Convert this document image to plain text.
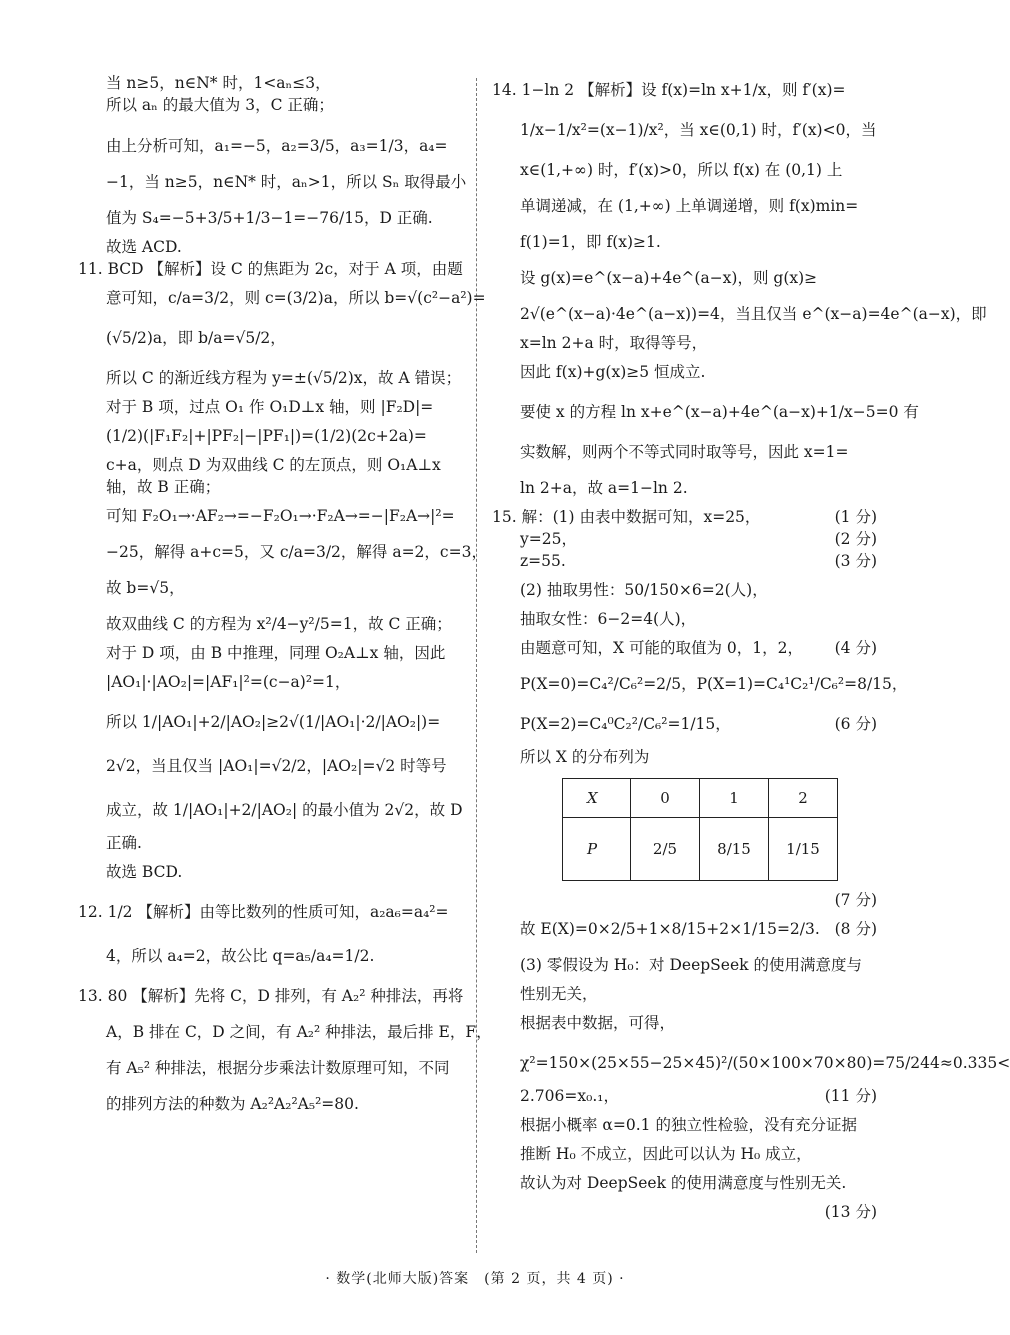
当 n≥5，n∈N* 时，1<aₙ≤3，
所以 aₙ 的最大值为 3，C 正确；
由上分析可知，a₁=−5，a₂=3/5，a₃=1/3，a₄=
−1，当 n≥5，n∈N* 时，aₙ>1，所以 Sₙ 取得最小
值为 S₄=−5+3/5+1/3−1=−76/15，D 正确.
故选 ACD.
11. BCD 【解析】设 C 的焦距为 2c，对于 A 项，由题
意可知，c/a=3/2，则 c=(3/2)a，所以 b=√(c²−a²)=
(√5/2)a，即 b/a=√5/2，
所以 C 的渐近线方程为 y=±(√5/2)x，故 A 错误；
对于 B 项，过点 O₁ 作 O₁D⊥x 轴，则 |F₂D|=
(1/2)(|F₁F₂|+|PF₂|−|PF₁|)=(1/2)(2c+2a)=
c+a，则点 D 为双曲线 C 的左顶点，则 O₁A⊥x
轴，故 B 正确；
可知 F₂O₁→·AF₂→=−F₂O₁→·F₂A→=−|F₂A→|²=
−25，解得 a+c=5，又 c/a=3/2，解得 a=2，c=3，
故 b=√5，
故双曲线 C 的方程为 x²/4−y²/5=1，故 C 正确；
对于 D 项，由 B 中推理，同理 O₂A⊥x 轴，因此
|AO₁|·|AO₂|=|AF₁|²=(c−a)²=1，
所以 1/|AO₁|+2/|AO₂|≥2√(1/|AO₁|·2/|AO₂|)=
2√2，当且仅当 |AO₁|=√2/2，|AO₂|=√2 时等号
成立，故 1/|AO₁|+2/|AO₂| 的最小值为 2√2，故 D
正确.
故选 BCD.
12. 1/2 【解析】由等比数列的性质可知，a₂a₆=a₄²=
4，所以 a₄=2，故公比 q=a₅/a₄=1/2.
13. 80 【解析】先将 C，D 排列，有 A₂² 种排法，再将
A，B 排在 C，D 之间，有 A₂² 种排法，最后排 E，F，
有 A₅² 种排法，根据分步乘法计数原理可知，不同
的排列方法的种数为 A₂²A₂²A₅²=80.
14. 1−ln 2 【解析】设 f(x)=ln x+1/x，则 f′(x)=
1/x−1/x²=(x−1)/x²，当 x∈(0,1) 时，f′(x)<0，当
x∈(1,+∞) 时，f′(x)>0，所以 f(x) 在 (0,1) 上
单调递减，在 (1,+∞) 上单调递增，则 f(x)min=
f(1)=1，即 f(x)≥1.
设 g(x)=e^(x−a)+4e^(a−x)，则 g(x)≥
2√(e^(x−a)·4e^(a−x))=4，当且仅当 e^(x−a)=4e^(a−x)，即
x=ln 2+a 时，取得等号，
因此 f(x)+g(x)≥5 恒成立.
要使 x 的方程 ln x+e^(x−a)+4e^(a−x)+1/x−5=0 有
实数解，则两个不等式同时取等号，因此 x=1=
ln 2+a，故 a=1−ln 2.
15. 解：(1) 由表中数据可知，x=25，	(1 分)
y=25，	(2 分)
z=55.	(3 分)
(2) 抽取男性：50/150×6=2(人)，
抽取女性：6−2=4(人)，
由题意可知，X 可能的取值为 0，1，2， (4 分)
P(X=0)=C₄²/C₆²=2/5，P(X=1)=C₄¹C₂¹/C₆²=8/15，
P(X=2)=C₄⁰C₂²/C₆²=1/15，	(6 分)
所以 X 的分布列为
X	0	1	2
P	2/5	8/15	1/15
(7 分)
故 E(X)=0×2/5+1×8/15+2×1/15=2/3. (8 分)
(3) 零假设为 H₀：对 DeepSeek 的使用满意度与
性别无关，
根据表中数据，可得，
χ²=150×(25×55−25×45)²/(50×100×70×80)=75/244≈0.335<
2.706=x₀.₁，	(11 分)
根据小概率 α=0.1 的独立性检验，没有充分证据
推断 H₀ 不成立，因此可以认为 H₀ 成立，
故认为对 DeepSeek 的使用满意度与性别无关.
(13 分)
· 数学(北师大版)答案　(第 2 页，共 4 页) ·
